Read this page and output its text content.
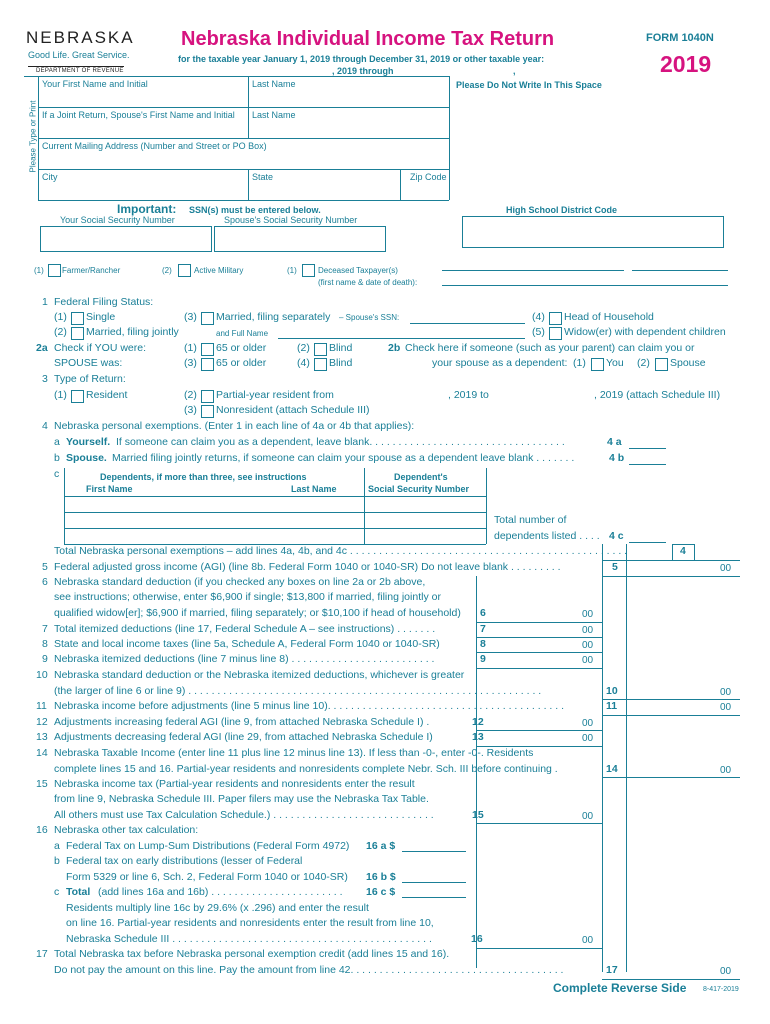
NEBRASKA
Good Life. Great Service.
DEPARTMENT OF REVENUE
Nebraska Individual Income Tax Return
for the taxable year January 1, 2019 through December 31, 2019 or other taxable year:
, 2019 through	,
FORM 1040N
2019
Please Do Not Write In This Space
Please Type or Print
Your First Name and Initial	Last Name
If a Joint Return, Spouse's First Name and Initial	Last Name
Current Mailing Address (Number and Street or PO Box)
City	State	Zip Code
Important: SSN(s) must be entered below.
Your Social Security Number	Spouse's Social Security Number
High School District Code
(1) Farmer/Rancher	(2)	Active Military	(1)	Deceased Taxpayer(s)
(first name & date of death):
1 Federal Filing Status:
(1) Single	(3) Married, filing separately – Spouse's SSN:	(4) Head of Household
(2) Married, filing jointly	and Full Name	(5) Widow(er) with dependent children
2a Check if YOU were:
SPOUSE was:
(1) 65 or older	(2) Blind
(3) 65 or older	(4) Blind
2b Check here if someone (such as your parent) can claim you or
your spouse as a dependent: (1) You (2) Spouse
3 Type of Return:
(1) Resident	(2) Partial-year resident from	, 2019 to	, 2019 (attach Schedule III)
(3) Nonresident (attach Schedule III)
4 Nebraska personal exemptions. (Enter 1 in each line of 4a or 4b that applies):
a Yourself. If someone can claim you as a dependent, leave blank. . . . . . . . . . . . . . . . . . . . . . . . . . . . . . . . . .	4 a
b Spouse. Married filing jointly returns, if someone can claim your spouse as a dependent leave blank . . . . . . .	4 b
c	Dependents, if more than three, see instructions
First Name	Last Name
Dependent's
Social Security Number
Total number of
dependents listed . . . . 4 c
Total Nebraska personal exemptions – add lines 4a, 4b, and 4c . . . . . . . . . . . . . . . . . . . . . . . . . . . . . . . . . . . . . . . . . . . . . . . .	4
5 Federal adjusted gross income (AGI) (line 8b. Federal Form 1040 or 1040-SR) Do not leave blank . . . . . . . . .	5	00
6 Nebraska standard deduction (if you checked any boxes on line 2a or 2b above,
see instructions; otherwise, enter $6,900 if single; $13,800 if married, filing jointly or
qualified widow[er]; $6,900 if married, filing separately; or $10,100 if head of household) 6	00
7 Total itemized deductions (line 17, Federal Schedule A – see instructions) . . . . . . .	7	00
8 State and local income taxes (line 5a, Schedule A, Federal Form 1040 or 1040-SR)	8	00
9 Nebraska itemized deductions (line 7 minus line 8) . . . . . . . . . . . . . . . . . . . . . . . . .	9	00
10 Nebraska standard deduction or the Nebraska itemized deductions, whichever is greater
(the larger of line 6 or line 9) . . . . . . . . . . . . . . . . . . . . . . . . . . . . . . . . . . . . . . . . . . . . . . . . . . . . . . . . . . . . .	10	00
11 Nebraska income before adjustments (line 5 minus line 10). . . . . . . . . . . . . . . . . . . . . . . . . . . . . . . . . . . . . . . . .	11	00
12 Adjustments increasing federal AGI (line 9, from attached Nebraska Schedule I) .	12	00
13 Adjustments decreasing federal AGI (line 29, from attached Nebraska Schedule I)	13	00
14 Nebraska Taxable Income (enter line 11 plus line 12 minus line 13). If less than -0-, enter -0-. Residents
complete lines 15 and 16. Partial-year residents and nonresidents complete Nebr. Sch. III before continuing .	14	00
15 Nebraska income tax (Partial-year residents and nonresidents enter the result
from line 9, Nebraska Schedule III. Paper filers may use the Nebraska Tax Table.
All others must use Tax Calculation Schedule.) . . . . . . . . . . . . . . . . . . . . . . . . . . . .	15	00
16 Nebraska other tax calculation:
a Federal Tax on Lump-Sum Distributions (Federal Form 4972) 16 a $
b Federal tax on early distributions (lesser of Federal
Form 5329 or line 6, Sch. 2, Federal Form 1040 or 1040-SR) 16 b $
c Total (add lines 16a and 16b) . . . . . . . . . . . . . . . . . . . . . . . 16 c $
Residents multiply line 16c by 29.6% (x .296) and enter the result
on line 16. Partial-year residents and nonresidents enter the result from line 10,
Nebraska Schedule III . . . . . . . . . . . . . . . . . . . . . . . . . . . . . . . . . . . . . . . . . . . . .	16	00
17 Total Nebraska tax before Nebraska personal exemption credit (add lines 15 and 16).
Do not pay the amount on this line. Pay the amount from line 42. . . . . . . . . . . . . . . . . . . . . . . . . . . . . . . . . . . . .	17	00
Complete Reverse Side 8-417-2019
